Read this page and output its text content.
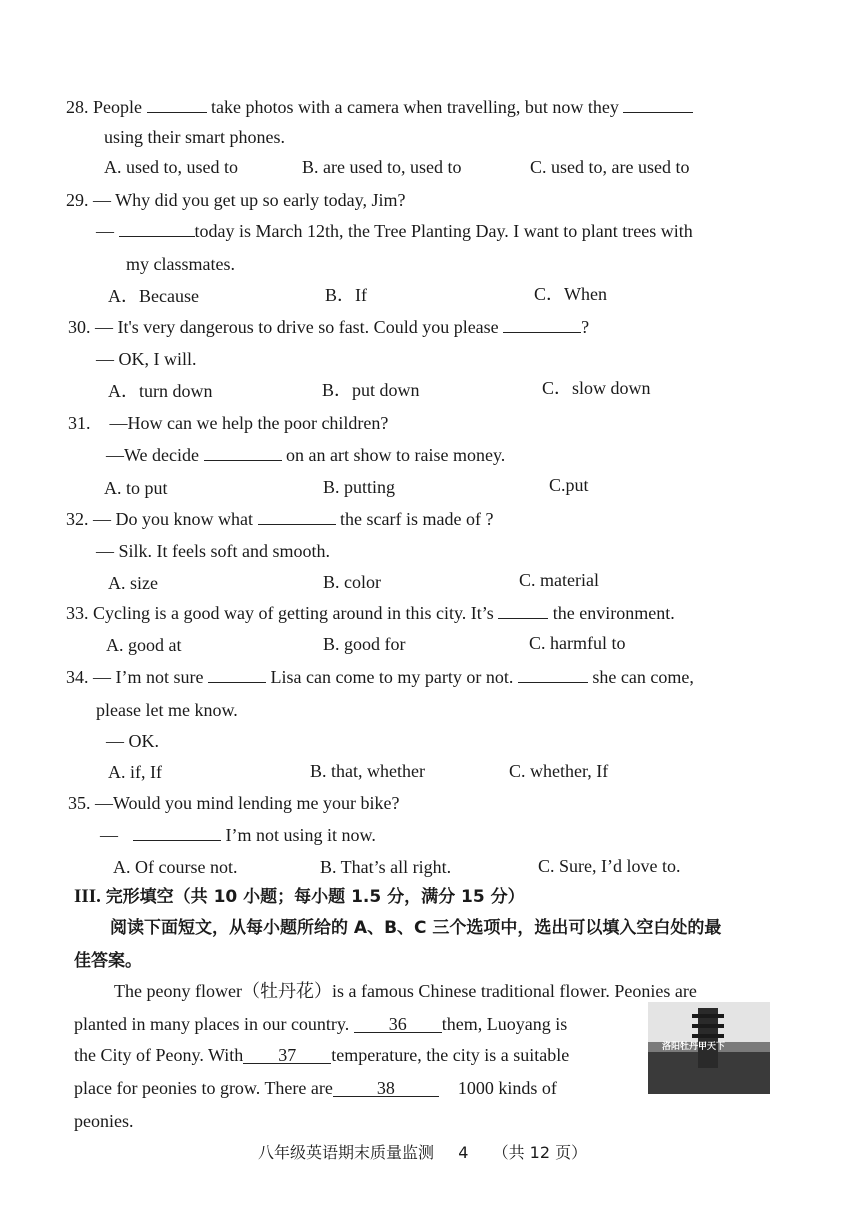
28. People	take photos with a camera when travelling, but now they
using their smart phones.
A. used to, used to	B. are used to, used to	C. used to, are used to
29. — Why did you get up so early today, Jim?
—	today is March 12th, the Tree Planting Day. I want to plant trees with
my classmates.
A．Because	B．If	C．When
30. — It's very dangerous to drive so fast. Could you please	?
— OK, I will.
A．turn down	B．put down	C．slow down
31. —How can we help the poor children?
—We decide	on an art show to raise money.
A. to put	B. putting	C.put
32. — Do you know what	the scarf is made of ?
— Silk. It feels soft and smooth.
A. size	B. color	C. material
33. Cycling is a good way of getting around in this city. It’s	the environment.
A. good at	B. good for	C. harmful to
34. — I’m not sure	Lisa can come to my party or not.	she can come,
please let me know.
— OK.
A. if, If	B. that, whether	C. whether, If
35. —Would you mind lending me your bike?
—	I’m not using it now.
A. Of course not.	B. That’s all right.	C. Sure, I’d love to.
III. 完形填空（共 10 小题；每小题 1.5 分，满分 15 分）
阅读下面短文，从每小题所给的 A、B、C 三个选项中，选出可以填入空白处的最
佳答案。
The peony flower（牡丹花）is a famous Chinese traditional flower. Peonies are
planted in many places in our country. 36 them, Luoyang is
the City of Peony. With 37 temperature, the city is a suitable
place for peonies to grow. There are 38	1000 kinds of
peonies.
洛阳牡丹甲天下
八年级英语期末质量监测 4 （共 12 页）
